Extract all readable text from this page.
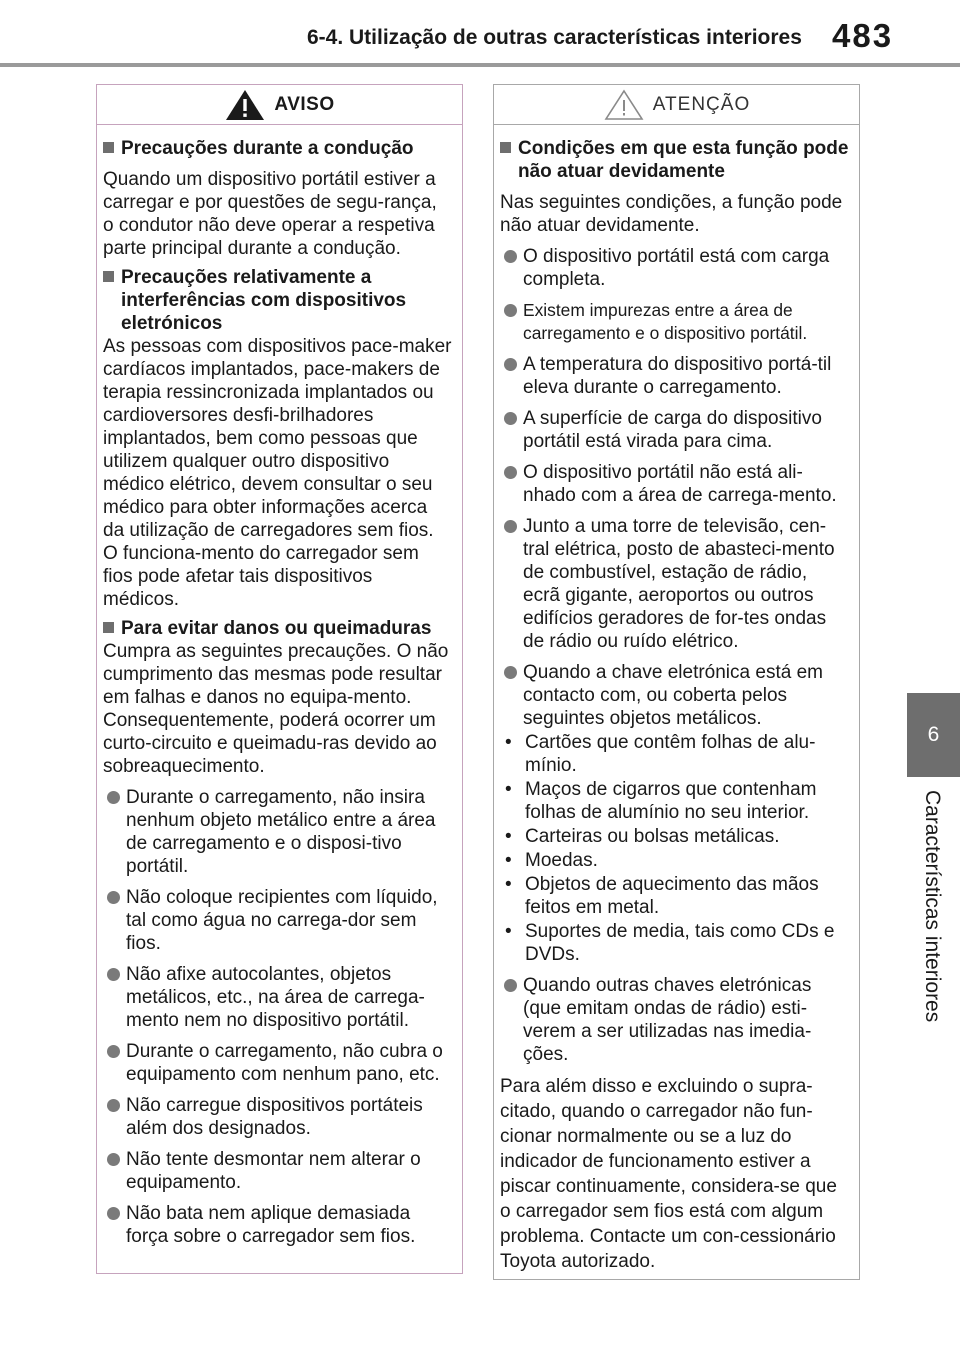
6-4. Utilização de outras características interiores 483
6
Características interiores
AVISO
Precauções durante a condução

Quando um dispositivo portátil estiver a carregar e por questões de segu-rança, o condutor não deve operar a respetiva parte principal durante a condução.

Precauções relativamente a interferências com dispositivos eletrónicos

As pessoas com dispositivos pace-maker cardíacos implantados, pace-makers de terapia ressincronizada implantados ou cardioversores desfi-brilhadores implantados, bem como pessoas que utilizem qualquer outro dispositivo médico elétrico, devem consultar o seu médico para obter informações acerca da utilização de carregadores sem fios. O funciona-mento do carregador sem fios pode afetar tais dispositivos médicos.

Para evitar danos ou queimaduras

Cumpra as seguintes precauções. O não cumprimento das mesmas pode resultar em falhas e danos no equipa-mento. Consequentemente, poderá ocorrer um curto-circuito e queimadu-ras devido ao sobreaquecimento.

Durante o carregamento, não insira nenhum objeto metálico entre a área de carregamento e o disposi-tivo portátil.
Não coloque recipientes com líquido, tal como água no carrega-dor sem fios.
Não afixe autocolantes, objetos metálicos, etc., na área de carrega-mento nem no dispositivo portátil.
Durante o carregamento, não cubra o equipamento com nenhum pano, etc.
Não carregue dispositivos portáteis além dos designados.
Não tente desmontar nem alterar o equipamento.
Não bata nem aplique demasiada força sobre o carregador sem fios.
ATENÇÃO
Condições em que esta função pode não atuar devidamente

Nas seguintes condições, a função pode não atuar devidamente.

O dispositivo portátil está com carga completa.
Existem impurezas entre a área de carregamento e o dispositivo portátil.
A temperatura do dispositivo portá-til eleva durante o carregamento.
A superfície de carga do dispositivo portátil está virada para cima.
O dispositivo portátil não está ali-nhado com a área de carrega-mento.
Junto a uma torre de televisão, cen-tral elétrica, posto de abasteci-mento de combustível, estação de rádio, ecrã gigante, aeroportos ou outros edifícios geradores de for-tes ondas de rádio ou ruído elétrico.
Quando a chave eletrónica está em contacto com, ou coberta pelos seguintes objetos metálicos.
• Cartões que contêm folhas de alu-mínio.
• Maços de cigarros que contenham folhas de alumínio no seu interior.
• Carteiras ou bolsas metálicas.
• Moedas.
• Objetos de aquecimento das mãos feitos em metal.
• Suportes de media, tais como CDs e DVDs.
Quando outras chaves eletrónicas (que emitam ondas de rádio) esti-verem a ser utilizadas nas imedia-ções.

Para além disso e excluindo o supra-citado, quando o carregador não fun-cionar normalmente ou se a luz do indicador de funcionamento estiver a piscar continuamente, considera-se que o carregador sem fios está com algum problema. Contacte um con-cessionário Toyota autorizado.
